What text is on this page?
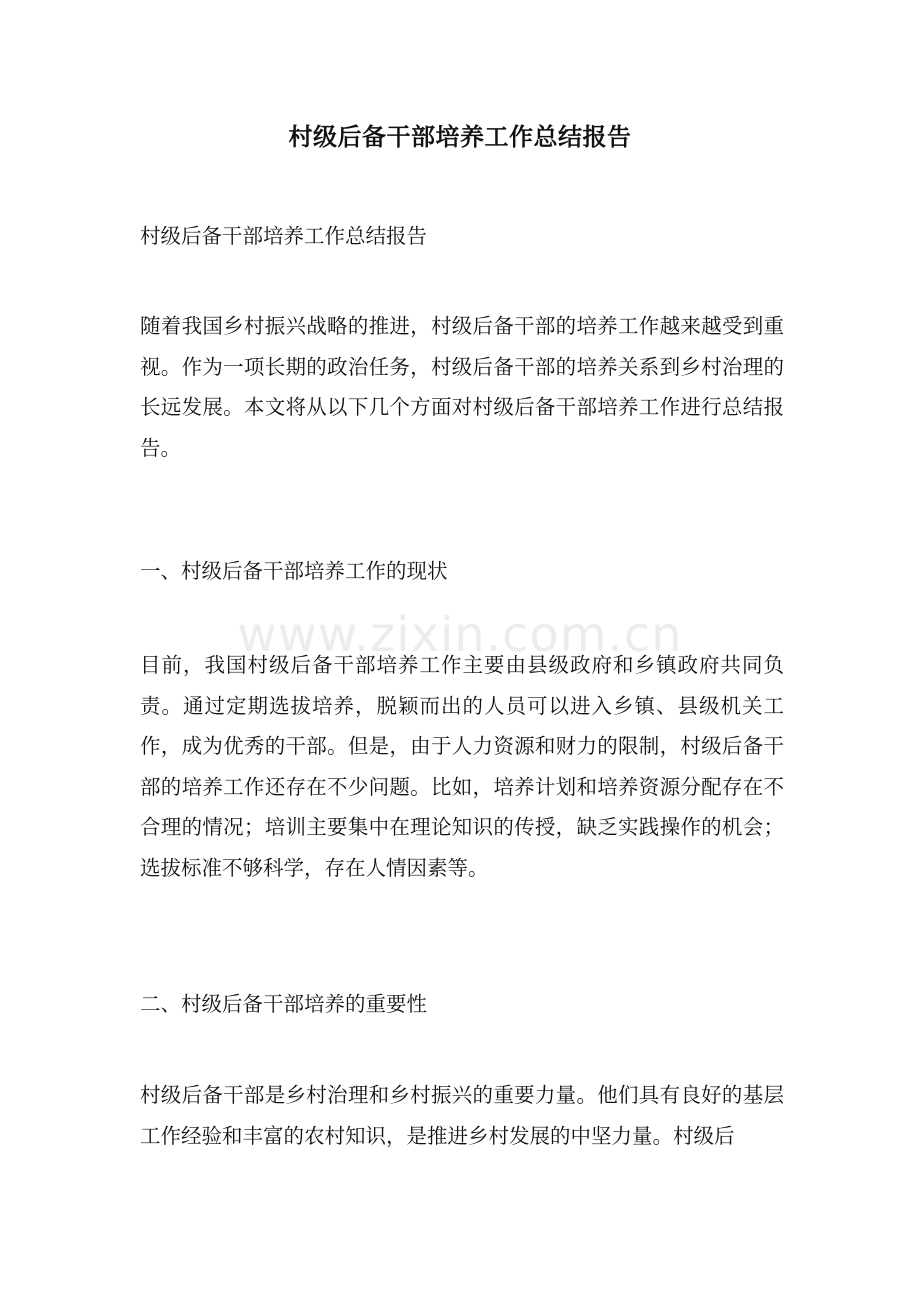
村级后备干部培养工作总结报告

村级后备干部培养工作总结报告

随着我国乡村振兴战略的推进，村级后备干部的培养工作越来越受到重视。作为一项长期的政治任务，村级后备干部的培养关系到乡村治理的长远发展。本文将从以下几个方面对村级后备干部培养工作进行总结报告。

一、村级后备干部培养工作的现状

目前，我国村级后备干部培养工作主要由县级政府和乡镇政府共同负责。通过定期选拔培养，脱颖而出的人员可以进入乡镇、县级机关工作，成为优秀的干部。但是，由于人力资源和财力的限制，村级后备干部的培养工作还存在不少问题。比如，培养计划和培养资源分配存在不合理的情况；培训主要集中在理论知识的传授，缺乏实践操作的机会；选拔标准不够科学，存在人情因素等。

二、村级后备干部培养的重要性

村级后备干部是乡村治理和乡村振兴的重要力量。他们具有良好的基层工作经验和丰富的农村知识，是推进乡村发展的中坚力量。村级后

www.zixin.com.cn
